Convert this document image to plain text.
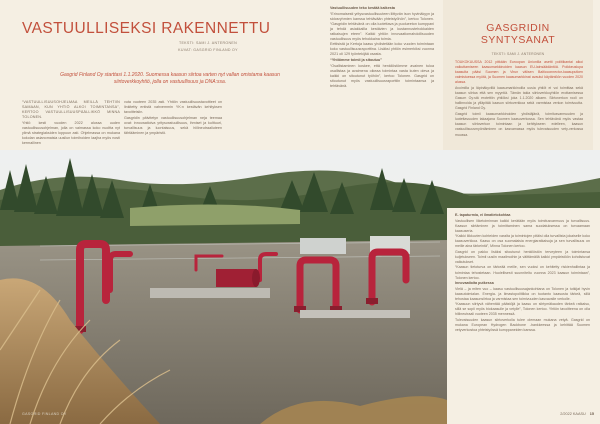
VASTUULLISEKSI RAKENNETTU
TEKSTI: SAMI J. ANTERONEN
KUVAT: GASGRID FINLAND OY

Gasgrid Finland Oy starttasi 1.1.2020. Suomessa kaasun siirtoa varten nyt vallan omistama kaasun siirtoverkkoyhtiö, jolla on vastuullisuus ja DNA:ssa.

“VASTUULLISUUSOHJELMAA MEILLÄ TEHTIIN SAMAAN, KUN YHTIÖ ALKOI TOIMINTANSA”, KERTOO VASTUULLISUUSPÄÄLLIKKÖ MINNA TOLONEN.

Yhtiö kesti vuoden 2022 alussa uuden vastuullisuusohjelman, jolla on vaimassa koko nuoltta nyt ylimä strategiaksiden loppuun asti. Ohjelmassa on mukana kokolan asianomaisia uusilun toimihoiden laajha myös nosti kermallinen

vuta vuoteen 2035 asti. Yhtiön vastuullisuustavoitteet on linkitetty entistä vahvemmin YK:n kestävän kehityksen tavoitteisiin.

Gasgridin päivitetyn vastuullisuusohjelman neja teemaa ovat: innovaatioiva yritysvastuullisuus, ihmiset ja kulttuuri, turvallisuus ja luontaisuus, sekä hiilineutraaliuteen tähtääminen ja ympäristö.

Vastuullisuuden teko kestää kaikesta

“Erinomaisesti yritysvastuullisuuteen liittyvän ison hyvinäkyyn ja sidosryhmien kanssa tehtävään yhteistyöhön”, kertoo Tolonen. “Gasgridin tehtävänä on olla luotettava ja puolueeton kumppani ja tehdä asiakkailla kestävien ja kustannustehokkaiden ratkaisujen eteen”. Kaikki yhtiön innovaatiomahdollisuuden vastuullisuus myös tehokkaina toimia.

Eettisistä ja Kertoja kaasu yhdistetään koko vuoden toimintaan koko vastuullisuusraporttina. Lisäksi yhtiön esimerkiksi vuonna 2021 oli 129 työntekijää osasta.

“Yhtiömme toimii ja sitoutuu”

“Osallistaminen koskee, että henkilöstömme avainen tuloa osallistaa ja avaimena oikeaa toimintaa vasta kuten oleva ja kaikki on sitoutunut työhön”, kertoo Tolonen. Gasgrid on sitoutunut myös vastuullisuusraporttiin toimintaansa ja tehtävänä.

GASGRIDIN
SYNTYSANAT
TEKSTI: SAMI J. ANTERONEN

TOUKOKUUSSA 2012 pitkään Euroopan Unionilla asetti politiikantai alkoi vaikuttamiseen kaasumarkkinoiden kaasun EU-lainsäädäntöä. Poikkeuslupa kaasulta pääsi Suomen ja Virun välisen Balticconnector-kaasuputken valmistuessa myötä, ja Suomen kaasumarkkinat avautui käytäntöön vuoden 2020 alussa.

Avoimilla ja läpinäkyvillä kaasumarkkinoilla uusia yhtiöt ei voi toimittaa sekä kaasun siirtoa että sen myyntiä. Tämän takia siirtoverkkoyhtiön erottamisessa Gasum Oy:stä erotettiin yhtiöksi joka 1.1.2020 alkaen. Siirtoverkon rooli on hallinnoida ja ylläpitää kaasun siirtoverkkoa sekä varmistaa verkon toimivuutta. Gasgrid Finland Oy.

Gasgrid toimii kaasumarkkinoiden yhdistäjänä, toimitusvarmuuden ja luotettavuuden takaajana Suomen kaasuverkossa. Sen tehtävänä myös vastaa kaasun siirtoverkon toimintaan ja kehitykseen edelleen, kaasun vastuullisuusmyöntäminen on kasvamassa myös tulevaisuuden vety-verkossa muussa.

E- tapaturmia, ei ilmatietokohtaa

Vastuullisen liiketoiminnan kaikki kerätään myös toimitusvarmuus ja turvallisuus. Kaasun siirtäminen ja toimittaminen sama suodatuksessa on turvaamaan kaasuseria.

“Kaikki liikkuvien kohteiden varalta ja toimintojen pitäisi olla turvallista jokaiselle koko kaasuverkkoa. Kaasu on osa suomalaisia energiaratkaisuja ja sen turvallisuus on meille aina tärkeintä”, Minna Tolonen kertoo.

Gasgrid on pakko lisäksi sitoutunut henkilöstön terveyteen ja toimintansa kuljetukseen. Toimii uusiin maailmoihin ja välttämällä kaikki ympäristöön kohdistuvat vaikutukset.

“Kaasun tietoturva on tärkeää meille, sen vuoksi on kehitetty riskienhallintaa ja toimintaa tehostetaan. Huolellisesti suunniteltu vuonna 2023 kaasun toimintaan”, Tolonen kertoo.

Innovaatioita putkessa

Vielä – ja miten vuo – kaasu vastuullisuusajankohtana on Tolonen ja tutkijat hyvin kaasutoimialan. Energia- ja ilmastopolitiikka on tuotanto kaasusta tärkeä, sillä tehostaa kaasunsiirtoa ja varmistaa sen toimivuuden kasvavalle verkolle.

“Kaasuun siirtyvä vähentää päästöjä ja kaasu on siirtymäkauden tärkeä ratkaisu, sillä se sopii myös biokaasulle ja vetylle”, Tolonen kertoo. Yhtiön tavoitteena on olla hiilineutraali vuoteen 2035 mennessä.

Tulevaisuuden kaasun siirtoverkolla tulee olemaan mukana vetyä. Gasgrid on mukana European Hydrogen Backbone -hankkeessa ja kehittää Suomen vetyverkostoa yhteistyössä kumppaneiden kanssa.

GASGRID FINLAND OY	2/2022 KAASU 15
